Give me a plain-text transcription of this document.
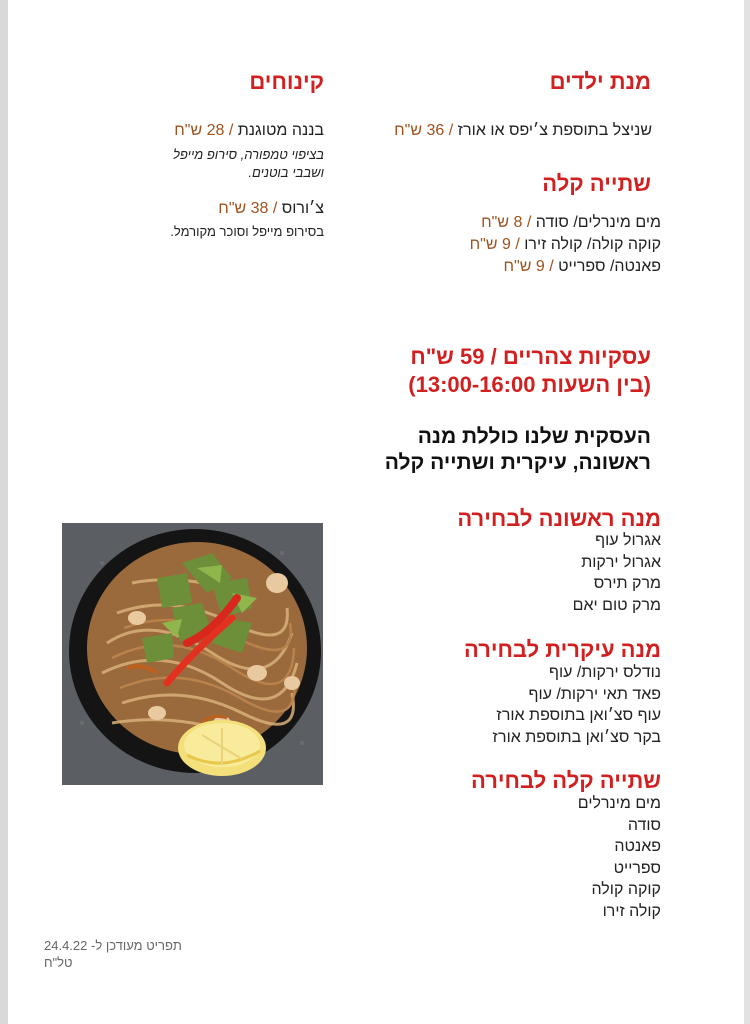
מנת ילדים
שניצל בתוספת צ׳יפס או אורז / 36 ש"ח
קינוחים
בננה מטוגנת / 28 ש"ח
בציפוי טמפורה, סירופ מייפל
ושבבי בוטנים.
צ׳ורוס / 38 ש"ח
בסירופ מייפל וסוכר מקורמל.
שתייה קלה
מים מינרלים/ סודה / 8 ש"ח
קוקה קולה/ קולה זירו / 9 ש"ח
פאנטה/ ספרייט / 9 ש"ח
עסקיות צהריים / 59 ש"ח
(בין השעות 13:00-16:00)
העסקית שלנו כוללת מנה
ראשונה, עיקרית ושתייה קלה
מנה ראשונה לבחירה
אגרול עוף
אגרול ירקות
מרק תירס
מרק טום יאם
מנה עיקרית לבחירה
נודלס ירקות/ עוף
פאד תאי ירקות/ עוף
עוף סצ׳ואן בתוספת אורז
בקר סצ׳ואן בתוספת אורז
שתייה קלה לבחירה
מים מינרלים
סודה
פאנטה
ספרייט
קוקה קולה
קולה זירו
תפריט מעודכן ל- 24.4.22
טל"ח
